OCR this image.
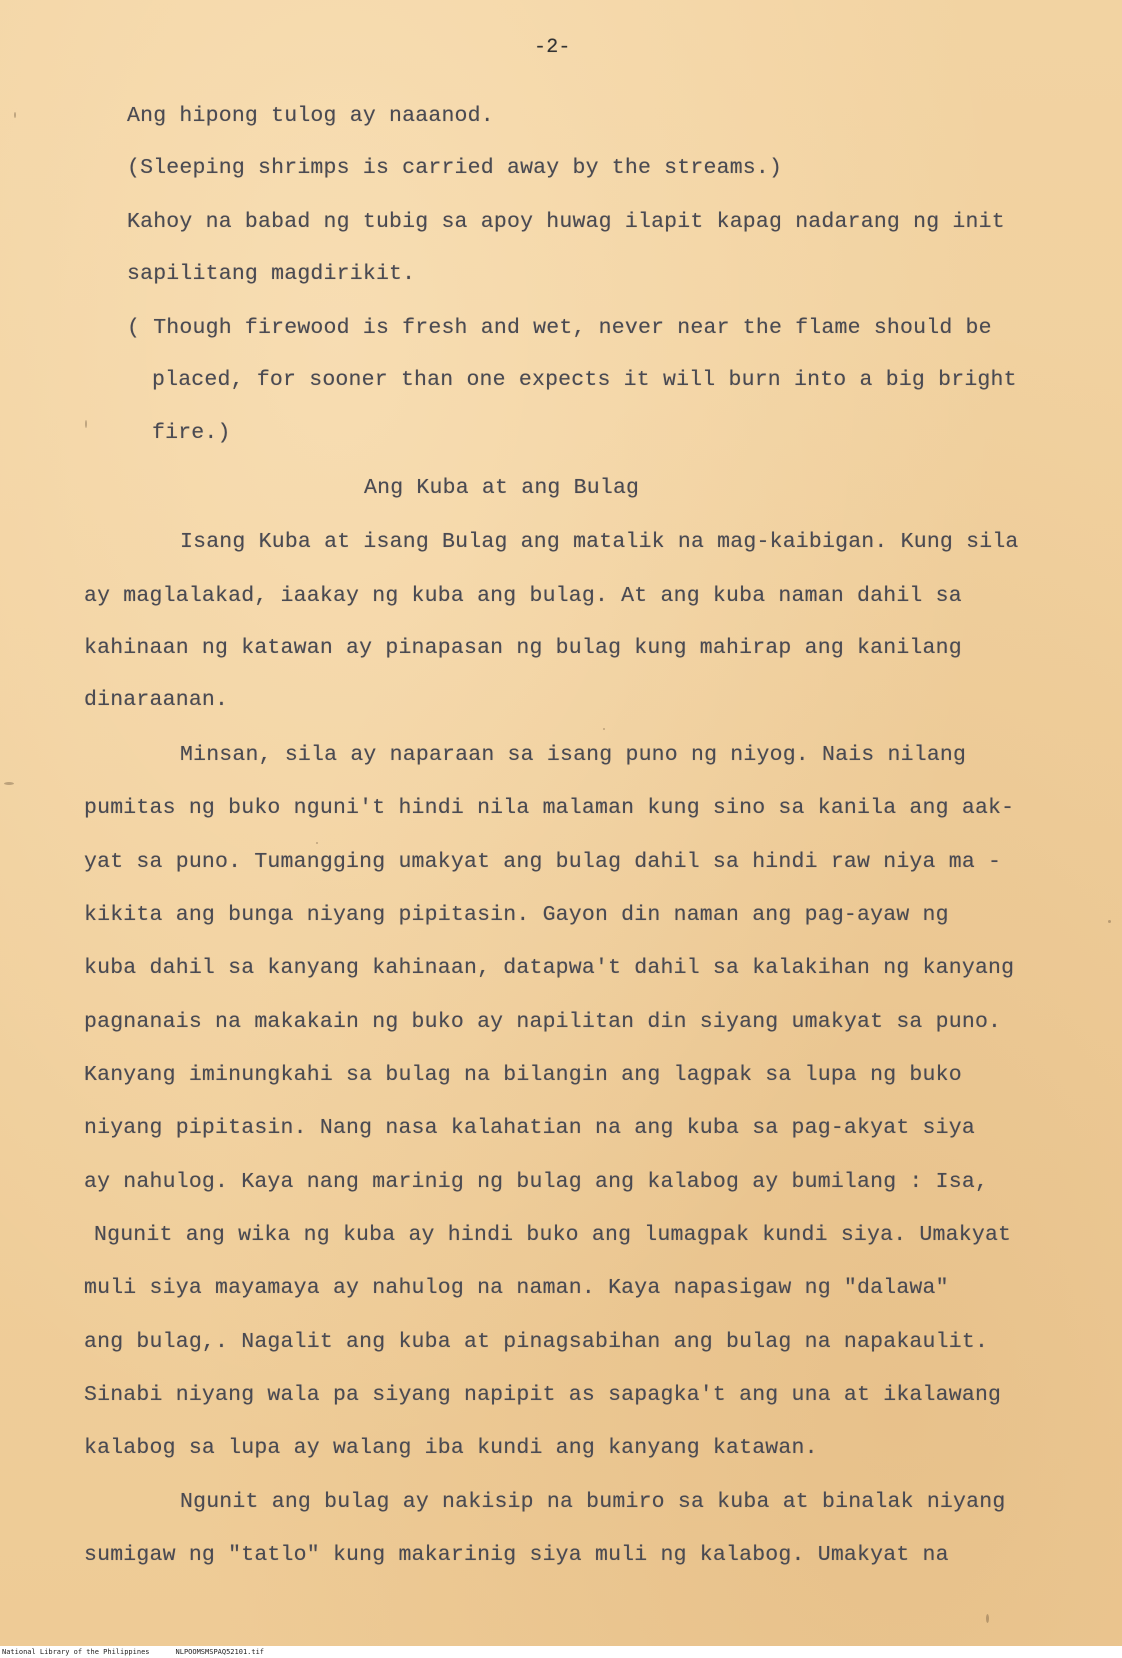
-2-
Ang hipong tulog ay naaanod.
(Sleeping shrimps is carried away by the streams.)
Kahoy na babad ng tubig sa apoy huwag ilapit kapag nadarang ng init
sapilitang magdirikit.
( Though firewood is fresh and wet, never near the flame should be
placed, for sooner than one expects it will burn into a big bright
fire.)
Ang Kuba at ang Bulag
Isang Kuba at isang Bulag ang matalik na mag-kaibigan. Kung sila
ay maglalakad, iaakay ng kuba ang bulag. At ang kuba naman dahil sa
kahinaan ng katawan ay pinapasan ng bulag kung mahirap ang kanilang
dinaraanan.
Minsan, sila ay naparaan sa isang puno ng niyog. Nais nilang
pumitas ng buko nguni't hindi nila malaman kung sino sa kanila ang aak-
yat sa puno. Tumangging umakyat ang bulag dahil sa hindi raw niya ma -
kikita ang bunga niyang pipitasin. Gayon din naman ang pag-ayaw ng
kuba dahil sa kanyang kahinaan, datapwa't dahil sa kalakihan ng kanyang
pagnanais na makakain ng buko ay napilitan din siyang umakyat sa puno.
Kanyang iminungkahi sa bulag na bilangin ang lagpak sa lupa ng buko
niyang pipitasin. Nang nasa kalahatian na ang kuba sa pag-akyat siya
ay nahulog. Kaya nang marinig ng bulag ang kalabog ay bumilang : Isa,
Ngunit ang wika ng kuba ay hindi buko ang lumagpak kundi siya. Umakyat
muli siya mayamaya ay nahulog na naman. Kaya napasigaw ng "dalawa"
ang bulag,. Nagalit ang kuba at pinagsabihan ang bulag na napakaulit.
Sinabi niyang wala pa siyang napipit as sapagka't ang una at ikalawang
kalabog sa lupa ay walang iba kundi ang kanyang katawan.
Ngunit ang bulag ay nakisip na bumiro sa kuba at binalak niyang
sumigaw ng "tatlo" kung makarinig siya muli ng kalabog. Umakyat na
National Library of the Philippines	NLPOOMSMSPAQ52101.tif
